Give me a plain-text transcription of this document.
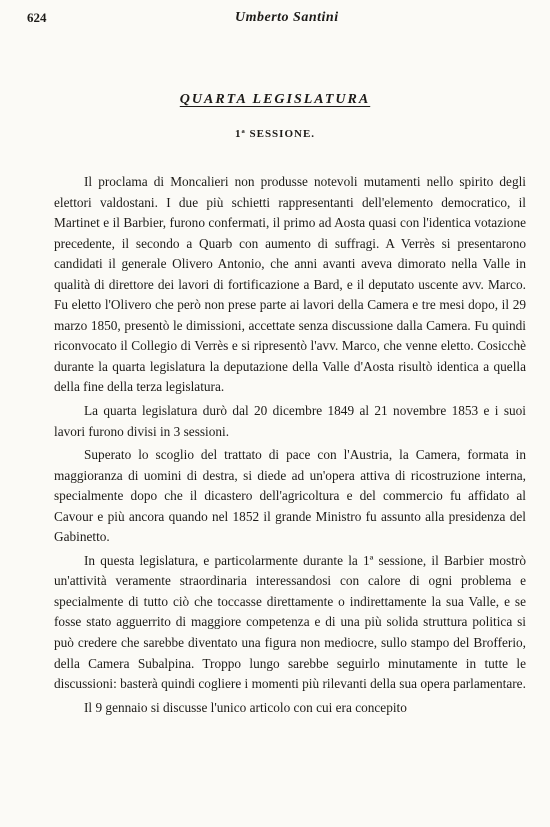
624	Umberto Santini
QUARTA LEGISLATURA
1ª SESSIONE.

Il proclama di Moncalieri non produsse notevoli mutamenti nello spirito degli elettori valdostani. I due più schietti rappresentanti dell'elemento democratico, il Martinet e il Barbier, furono confermati, il primo ad Aosta quasi con l'identica votazione precedente, il secondo a Quarb con aumento di suffragi. A Verrès si presentarono candidati il generale Olivero Antonio, che anni avanti aveva dimorato nella Valle in qualità di direttore dei lavori di fortificazione a Bard, e il deputato uscente avv. Marco. Fu eletto l'Olivero che però non prese parte ai lavori della Camera e tre mesi dopo, il 29 marzo 1850, presentò le dimissioni, accettate senza discussione dalla Camera. Fu quindi riconvocato il Collegio di Verrès e si ripresentò l'avv. Marco, che venne eletto. Cosicchè durante la quarta legislatura la deputazione della Valle d'Aosta risultò identica a quella della fine della terza legislatura.

La quarta legislatura durò dal 20 dicembre 1849 al 21 novembre 1853 e i suoi lavori furono divisi in 3 sessioni.

Superato lo scoglio del trattato di pace con l'Austria, la Camera, formata in maggioranza di uomini di destra, si diede ad un'opera attiva di ricostruzione interna, specialmente dopo che il dicastero dell'agricoltura e del commercio fu affidato al Cavour e più ancora quando nel 1852 il grande Ministro fu assunto alla presidenza del Gabinetto.

In questa legislatura, e particolarmente durante la 1ª sessione, il Barbier mostrò un'attività veramente straordinaria interessandosi con calore di ogni problema e specialmente di tutto ciò che toccasse direttamente o indirettamente la sua Valle, e se fosse stato agguerrito di maggiore competenza e di una più solida struttura politica si può credere che sarebbe diventato una figura non mediocre, sullo stampo del Brofferio, della Camera Subalpina. Troppo lungo sarebbe seguirlo minutamente in tutte le discussioni: basterà quindi cogliere i momenti più rilevanti della sua opera parlamentare.

Il 9 gennaio si discusse l'unico articolo con cui era concepito
